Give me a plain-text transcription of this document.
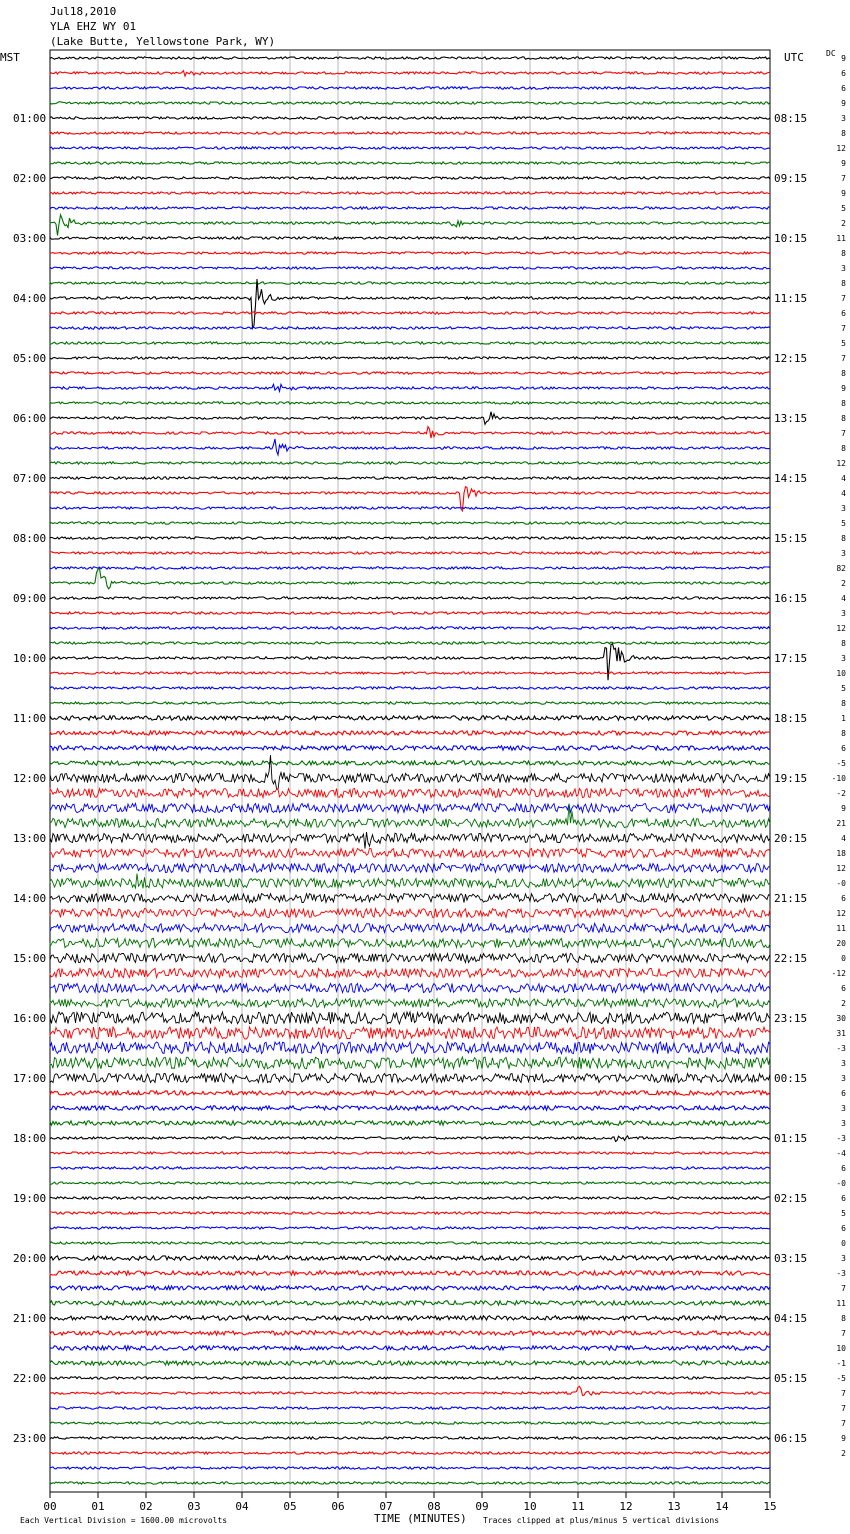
Jul18,2010
YLA EHZ WY 01
(Lake Butte, Yellowstone Park, WY)
MST	UTC	DC
01:00
02:00
03:00
04:00
05:00
06:00
07:00
08:00
09:00
10:00
11:00
12:00
13:00
14:00
15:00
16:00
17:00
18:00
19:00
20:00
21:00
22:00
23:00
08:15
09:15
10:15
11:15
12:15
13:15
14:15
15:15
16:15
17:15
18:15
19:15
20:15
21:15
22:15
23:15
00:15
01:15
02:15
03:15
04:15
05:15
06:15
9
6
6
9
3
8
12
9
7
9
5
2
11
8
3
8
7
6
7
5
7
8
9
8
8
7
8
12
4
4
3
5
8
3
82
2
4
3
12
8
3
10
5
8
1
8
6
-5
-10
-2
9
21
4
18
12
-0
6
12
11
20
0
-12
6
2
30
31
-3
3
3
6
3
3
-3
-4
6
-0
6
5
6
0
3
-3
7
11
8
7
10
-1
-5
7
7
7
9
2
00	01	02	03	04	05	06	07	08	09	10	11	12	13	14	15
TIME (MINUTES)
Each Vertical Division = 1600.00 microvolts	Traces clipped at plus/minus 5 vertical divisions
